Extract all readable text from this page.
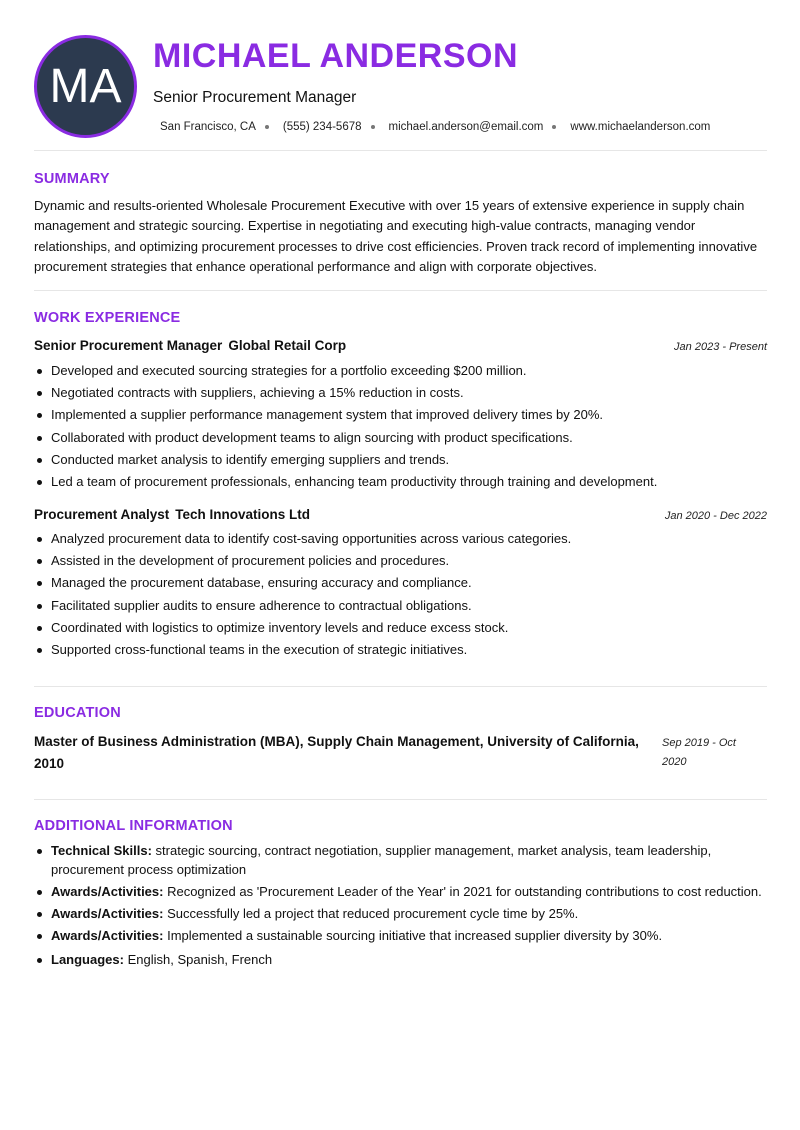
MA
MICHAEL ANDERSON
Senior Procurement Manager
San Francisco, CA (555) 234-5678 michael.anderson@email.com www.michaelanderson.com
SUMMARY

Dynamic and results-oriented Wholesale Procurement Executive with over 15 years of extensive experience in supply chain management and strategic sourcing. Expertise in negotiating and executing high-value contracts, managing vendor relationships, and optimizing procurement processes to drive cost efficiencies. Proven track record of implementing innovative procurement strategies that enhance operational performance and align with corporate objectives.

WORK EXPERIENCE
Senior Procurement Manager Global Retail Corp	Jan 2023 - Present
Developed and executed sourcing strategies for a portfolio exceeding $200 million.
Negotiated contracts with suppliers, achieving a 15% reduction in costs.
Implemented a supplier performance management system that improved delivery times by 20%.
Collaborated with product development teams to align sourcing with product specifications.
Conducted market analysis to identify emerging suppliers and trends.
Led a team of procurement professionals, enhancing team productivity through training and development.
Procurement Analyst Tech Innovations Ltd	Jan 2020 - Dec 2022
Analyzed procurement data to identify cost-saving opportunities across various categories.
Assisted in the development of procurement policies and procedures.
Managed the procurement database, ensuring accuracy and compliance.
Facilitated supplier audits to ensure adherence to contractual obligations.
Coordinated with logistics to optimize inventory levels and reduce excess stock.
Supported cross-functional teams in the execution of strategic initiatives.
EDUCATION
Master of Business Administration (MBA), Supply Chain Management, University of California, 2010
Sep 2019 - Oct 2020
ADDITIONAL INFORMATION
Technical Skills: strategic sourcing, contract negotiation, supplier management, market analysis, team leadership, procurement process optimization
Awards/Activities: Recognized as 'Procurement Leader of the Year' in 2021 for outstanding contributions to cost reduction.
Awards/Activities: Successfully led a project that reduced procurement cycle time by 25%.
Awards/Activities: Implemented a sustainable sourcing initiative that increased supplier diversity by 30%.
Languages: English, Spanish, French
